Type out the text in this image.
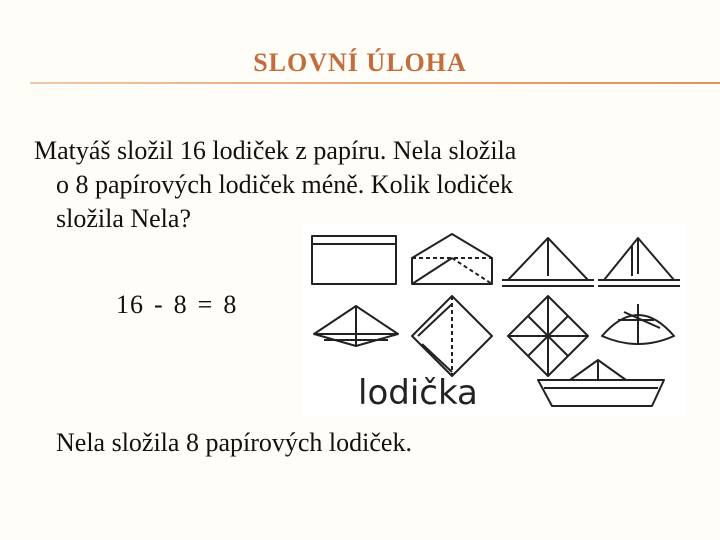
SLOVNÍ ÚLOHA
Matyáš složil 16 lodiček z papíru. Nela složila
o 8 papírových lodiček méně. Kolik lodiček
složila Nela?
16 - 8 = 8
lodička
Nela složila 8 papírových lodiček.
